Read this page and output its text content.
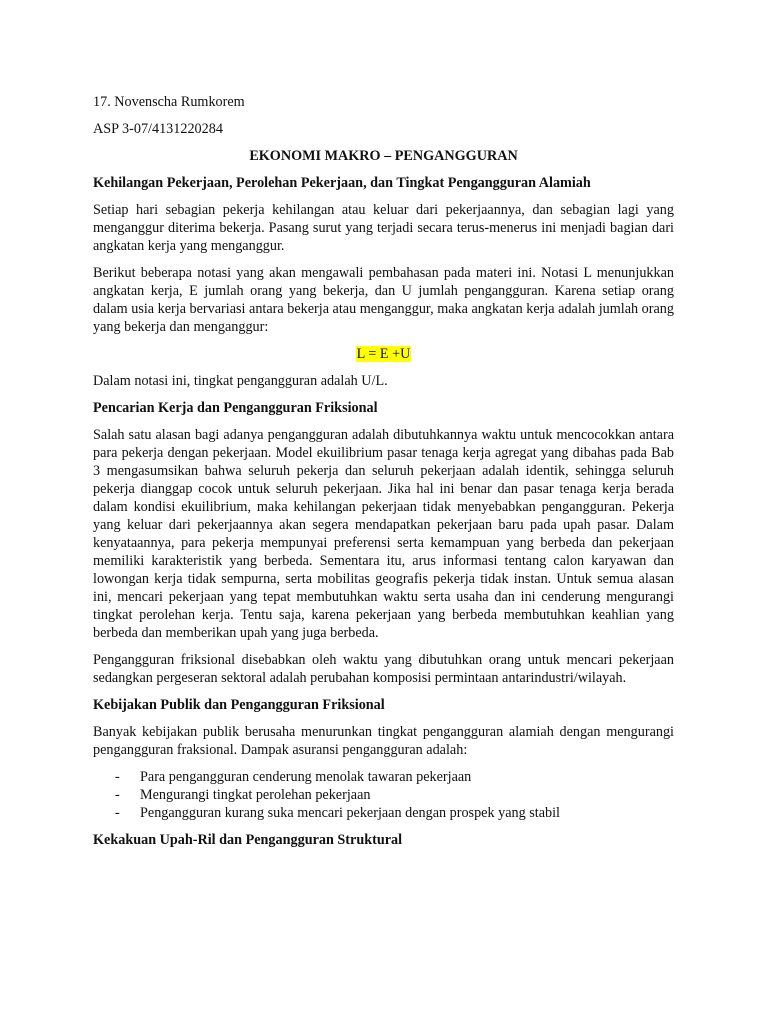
17. Novenscha Rumkorem

ASP 3-07/4131220284

EKONOMI MAKRO – PENGANGGURAN

Kehilangan Pekerjaan, Perolehan Pekerjaan, dan Tingkat Pengangguran Alamiah

Setiap hari sebagian pekerja kehilangan atau keluar dari pekerjaannya, dan sebagian lagi yang menganggur diterima bekerja. Pasang surut yang terjadi secara terus-menerus ini menjadi bagian dari angkatan kerja yang menganggur.

Berikut beberapa notasi yang akan mengawali pembahasan pada materi ini. Notasi L menunjukkan angkatan kerja, E jumlah orang yang bekerja, dan U jumlah pengangguran. Karena setiap orang dalam usia kerja bervariasi antara bekerja atau menganggur, maka angkatan kerja adalah jumlah orang yang bekerja dan menganggur:

L = E +U

Dalam notasi ini, tingkat pengangguran adalah U/L.

Pencarian Kerja dan Pengangguran Friksional

Salah satu alasan bagi adanya pengangguran adalah dibutuhkannya waktu untuk mencocokkan antara para pekerja dengan pekerjaan. Model ekuilibrium pasar tenaga kerja agregat yang dibahas pada Bab 3 mengasumsikan bahwa seluruh pekerja dan seluruh pekerjaan adalah identik, sehingga seluruh pekerja dianggap cocok untuk seluruh pekerjaan. Jika hal ini benar dan pasar tenaga kerja berada dalam kondisi ekuilibrium, maka kehilangan pekerjaan tidak menyebabkan pengangguran. Pekerja yang keluar dari pekerjaannya akan segera mendapatkan pekerjaan baru pada upah pasar. Dalam kenyataannya, para pekerja mempunyai preferensi serta kemampuan yang berbeda dan pekerjaan memiliki karakteristik yang berbeda. Sementara itu, arus informasi tentang calon karyawan dan lowongan kerja tidak sempurna, serta mobilitas geografis pekerja tidak instan. Untuk semua alasan ini, mencari pekerjaan yang tepat membutuhkan waktu serta usaha dan ini cenderung mengurangi tingkat perolehan kerja. Tentu saja, karena pekerjaan yang berbeda membutuhkan keahlian yang berbeda dan memberikan upah yang juga berbeda.

Pengangguran friksional disebabkan oleh waktu yang dibutuhkan orang untuk mencari pekerjaan sedangkan pergeseran sektoral adalah perubahan komposisi permintaan antarindustri/wilayah.

Kebijakan Publik dan Pengangguran Friksional

Banyak kebijakan publik berusaha menurunkan tingkat pengangguran alamiah dengan mengurangi pengangguran fraksional. Dampak asuransi pengangguran adalah:

- Para pengangguran cenderung menolak tawaran pekerjaan
- Mengurangi tingkat perolehan pekerjaan
- Pengangguran kurang suka mencari pekerjaan dengan prospek yang stabil

Kekakuan Upah-Ril dan Pengangguran Struktural
